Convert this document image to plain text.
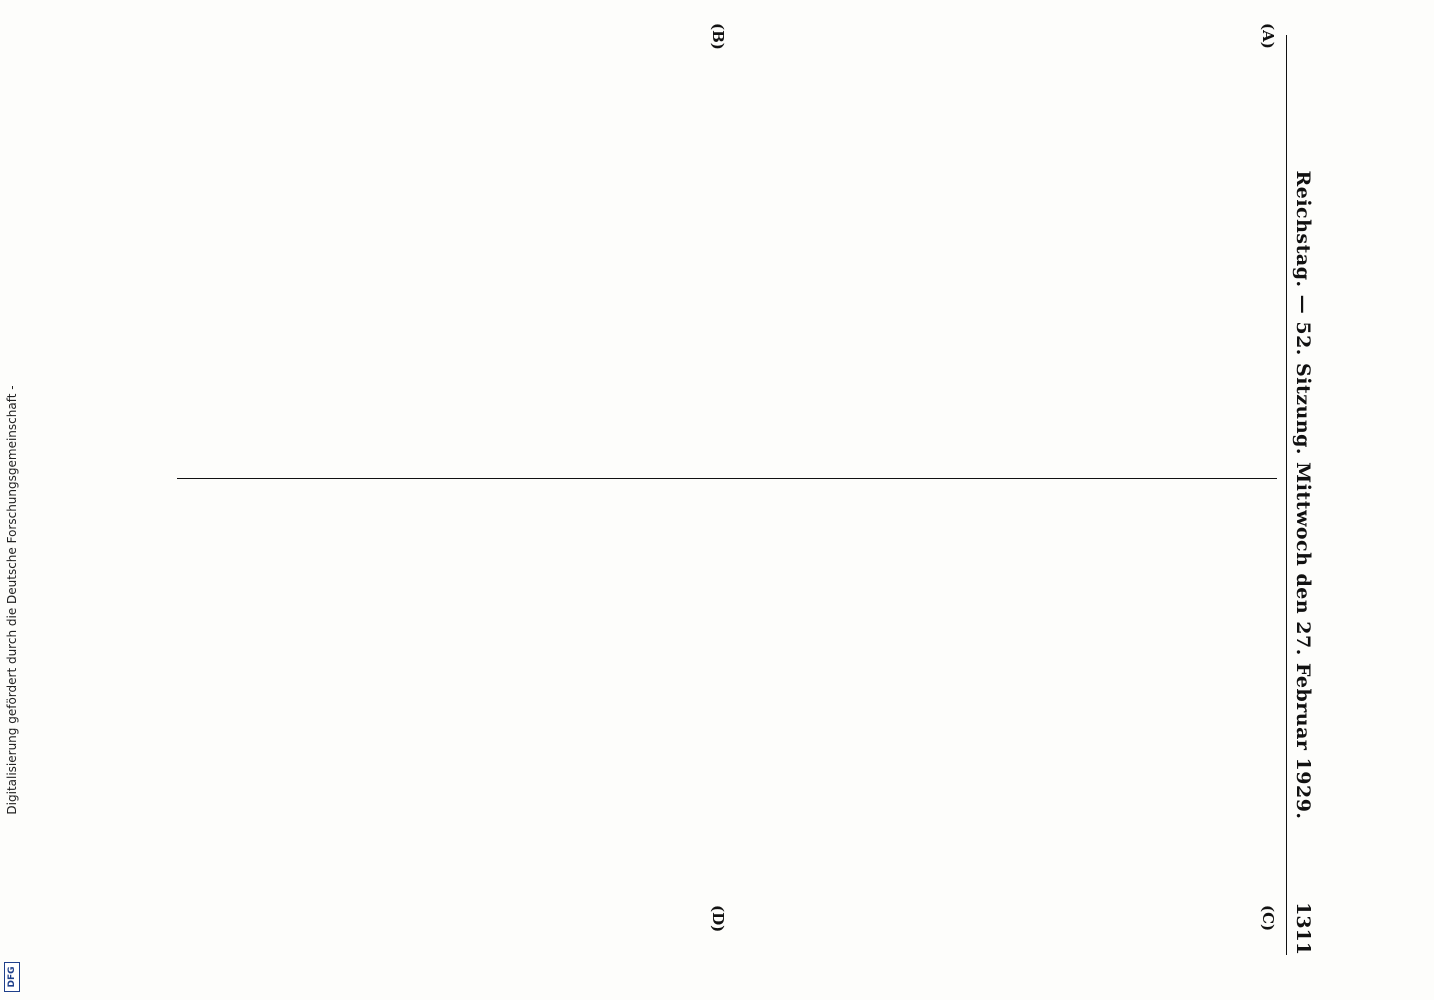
Digitalisierung gefördert durch die Deutsche Forschungsgemeinschaft -
DFG
Reichstag. — 52. Sitzung. Mittwoch den 27. Februar 1929.
1311
(A)
(B)
(C)
(D)
